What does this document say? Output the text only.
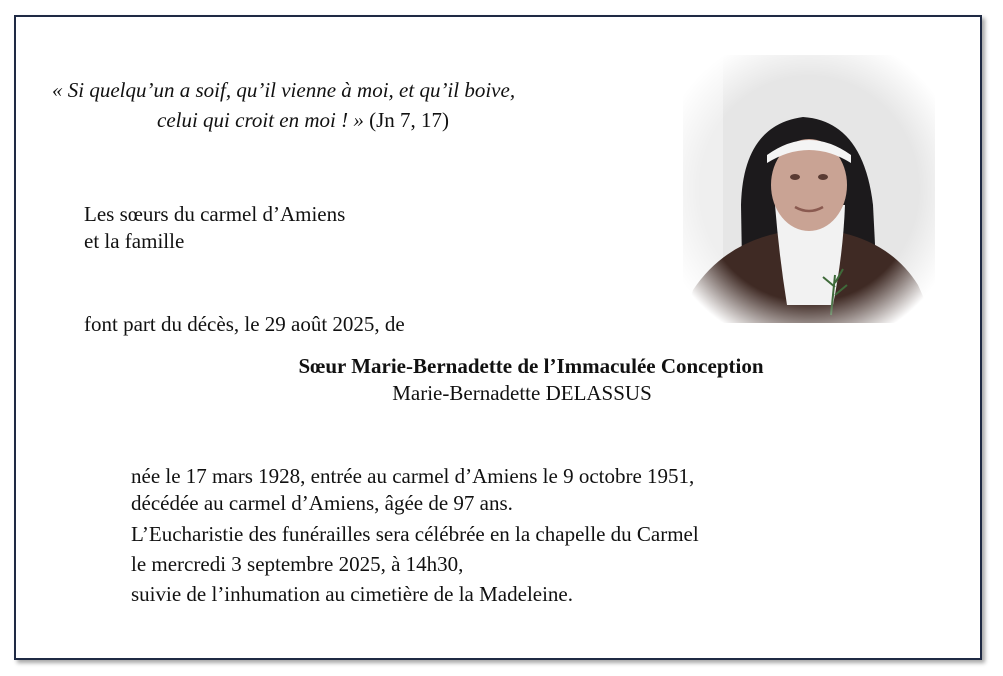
« Si quelqu’un a soif, qu’il vienne à moi, et qu’il boive,
celui qui croit en moi ! » (Jn 7, 17)
Les sœurs du carmel d’Amiens
et la famille
font part du décès, le 29 août 2025, de
Sœur Marie-Bernadette de l’Immaculée Conception
Marie-Bernadette DELASSUS
née le 17 mars 1928, entrée au carmel d’Amiens le 9 octobre 1951,
décédée au carmel d’Amiens, âgée de 97 ans.
L’Eucharistie des funérailles sera célébrée en la chapelle du Carmel
le mercredi 3 septembre 2025, à 14h30,
suivie de l’inhumation au cimetière de la Madeleine.
